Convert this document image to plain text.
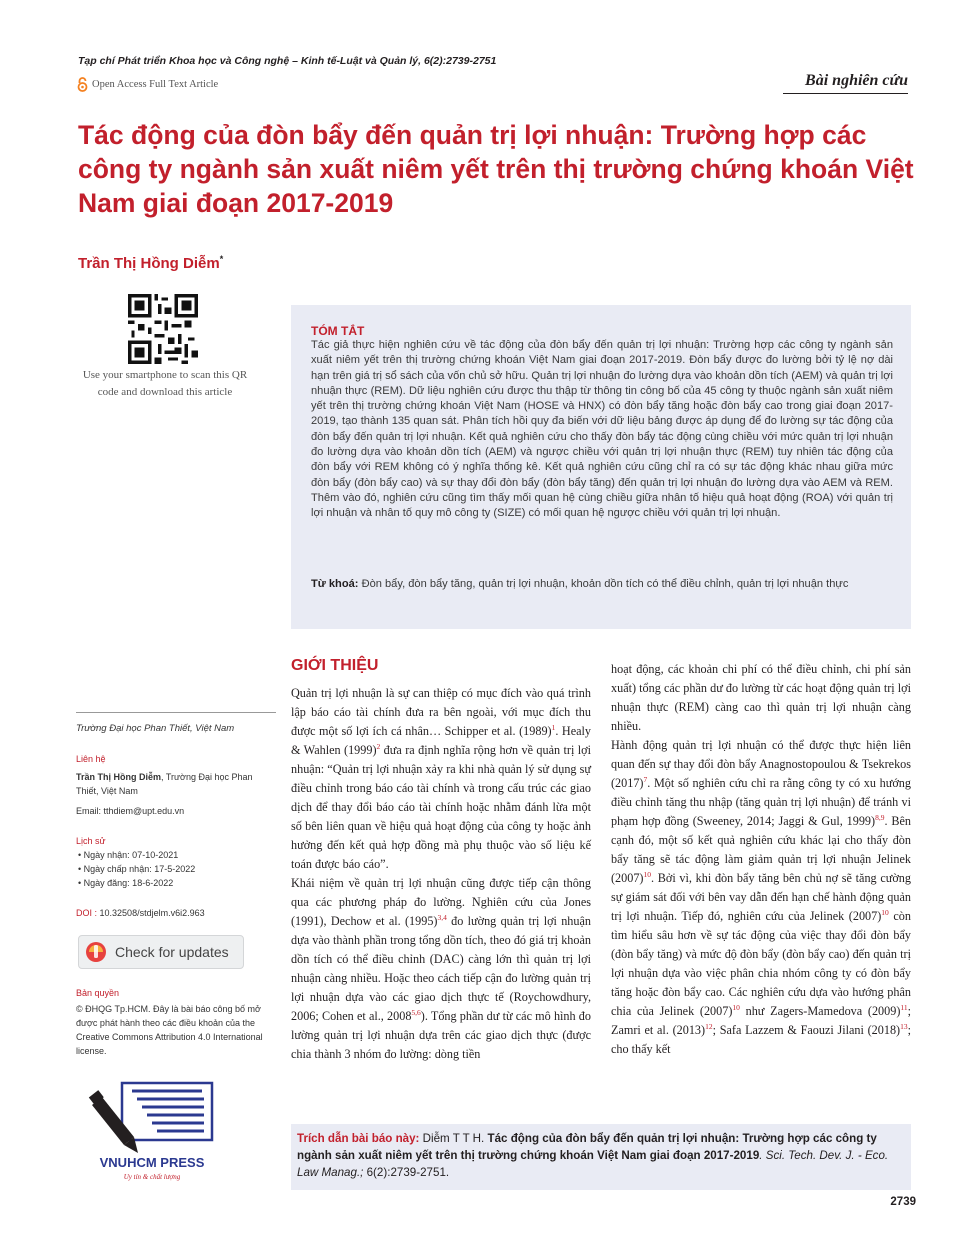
Tạp chí Phát triển Khoa học và Công nghệ – Kinh tế-Luật và Quản lý, 6(2):2739-2751
Open Access Full Text Article	Bài nghiên cứu
Tác động của đòn bẩy đến quản trị lợi nhuận: Trường hợp các công ty ngành sản xuất niêm yết trên thị trường chứng khoán Việt Nam giai đoạn 2017-2019
Trần Thị Hồng Diễm*
Use your smartphone to scan this QR code and download this article
TÓM TẮT
Tác giả thực hiện nghiên cứu về tác động của đòn bẩy đến quản trị lợi nhuận: Trường hợp các công ty ngành sản xuất niêm yết trên thị trường chứng khoán Việt Nam giai đoạn 2017-2019. Đòn bẩy được đo lường bởi tỷ lệ nợ dài hạn trên giá trị sổ sách của vốn chủ sở hữu. Quản trị lợi nhuận đo lường dựa vào khoản dồn tích (AEM) và quản trị lợi nhuận thực (REM). Dữ liệu nghiên cứu được thu thập từ thông tin công bố của 45 công ty thuộc ngành sản xuất niêm yết trên thị trường chứng khoán Việt Nam (HOSE và HNX) có đòn bẩy tăng hoặc đòn bẩy cao trong giai đoạn 2017-2019, tạo thành 135 quan sát. Phân tích hồi quy đa biến với dữ liệu bảng được áp dụng để đo lường sự tác động của đòn bẩy đến quản trị lợi nhuận. Kết quả nghiên cứu cho thấy đòn bẩy tác động cùng chiều với mức quản trị lợi nhuận đo lường dựa vào khoản dồn tích (AEM) và ngược chiều với quản trị lợi nhuận thực (REM) tuy nhiên tác động của đòn bẩy với REM không có ý nghĩa thống kê. Kết quả nghiên cứu cũng chỉ ra có sự tác động khác nhau giữa mức đòn bẩy (đòn bẩy cao) và sự thay đổi đòn bẩy (đòn bẩy tăng) đến quản trị lợi nhuận đo lường dựa vào AEM và REM. Thêm vào đó, nghiên cứu cũng tìm thấy mối quan hệ cùng chiều giữa nhân tố hiệu quả hoạt động (ROA) với quản trị lợi nhuận và nhân tố quy mô công ty (SIZE) có mối quan hệ ngược chiều với quản trị lợi nhuận.
Từ khoá: Đòn bẩy, đòn bẩy tăng, quản trị lợi nhuận, khoản dồn tích có thể điều chỉnh, quản trị lợi nhuận thực
Trường Đại học Phan Thiết, Việt Nam
Liên hệ
Trần Thị Hồng Diễm, Trường Đại học Phan Thiết, Việt Nam
Email: tthdiem@upt.edu.vn
Lịch sử
• Ngày nhận: 07-10-2021
• Ngày chấp nhận: 17-5-2022
• Ngày đăng: 18-6-2022
DOI : 10.32508/stdjelm.v6i2.963
Check for updates
Bản quyền
© ĐHQG Tp.HCM. Đây là bài báo công bố mở được phát hành theo các điều khoản của the Creative Commons Attribution 4.0 International license.
VNUHCM PRESS
Uy tín & chất lượng
GIỚI THIỆU

Quản trị lợi nhuận là sự can thiệp có mục đích vào quá trình lập báo cáo tài chính đưa ra bên ngoài, với mục đích thu được một số lợi ích cá nhân… Schipper et al. $(1989)^1$. Healy & Wahlen $(1999)^2$ đưa ra định nghĩa rộng hơn về quản trị lợi nhuận: “Quản trị lợi nhuận xảy ra khi nhà quản lý sử dụng sự điều chỉnh trong báo cáo tài chính và trong cấu trúc các giao dịch để thay đổi báo cáo tài chính hoặc nhằm đánh lừa một số bên liên quan về hiệu quả hoạt động của công ty hoặc ảnh hưởng đến kết quả hợp đồng mà phụ thuộc vào số liệu kế toán được báo cáo”.

Khái niệm về quản trị lợi nhuận cũng được tiếp cận thông qua các phương pháp đo lường. Nghiên cứu của Jones (1991), Dechow et al. $(1995)^{3,4}$ đo lường quản trị lợi nhuận dựa vào thành phần trong tổng dồn tích, theo đó giá trị khoản dồn tích có thể điều chỉnh (DAC) càng lớn thì quản trị lợi nhuận càng nhiều. Hoặc theo cách tiếp cận đo lường quản trị lợi nhuận dựa vào các giao dịch thực tế (Roychowdhury, 2006; Cohen et al., 2008$^{5,6}$). Tổng phần dư từ các mô hình đo lường quản trị lợi nhuận dựa trên các giao dịch thực (được chia thành 3 nhóm đo lường: dòng tiền

hoạt động, các khoản chi phí có thể điều chỉnh, chi phí sản xuất) tổng các phần dư đo lường từ các hoạt động quản trị lợi nhuận thực (REM) càng cao thì quản trị lợi nhuận càng nhiều.

Hành động quản trị lợi nhuận có thể được thực hiện liên quan đến sự thay đổi đòn bẩy Anagnostopoulou & Tsekrekos $(2017)^7$. Một số nghiên cứu chỉ ra rằng công ty có xu hướng điều chỉnh tăng thu nhập (tăng quản trị lợi nhuận) để tránh vi phạm hợp đồng (Sweeney, 2014; Jaggi & Gul, 1999)$^{8,9}$. Bên cạnh đó, một số kết quả nghiên cứu khác lại cho thấy đòn bẩy tăng sẽ tác động làm giảm quản trị lợi nhuận Jelinek $(2007)^{10}$. Bởi vì, khi đòn bẩy tăng bên chủ nợ sẽ tăng cường sự giám sát đối với bên vay dẫn đến hạn chế hành động quản trị lợi nhuận. Tiếp đó, nghiên cứu của Jelinek $(2007)^{10}$ còn tìm hiểu sâu hơn về sự tác động của việc thay đổi đòn bẩy (đòn bẩy tăng) và mức độ đòn bẩy (đòn bẩy cao) đến quản trị lợi nhuận dựa vào việc phân chia nhóm công ty có đòn bẩy tăng hoặc đòn bẩy cao. Các nghiên cứu dựa vào hướng phân chia của Jelinek $(2007)^{10}$ như Zagers-Mamedova $(2009)^{11}$; Zamri et al. $(2013)^{12}$; Safa Lazzem & Faouzi Jilani $(2018)^{13}$; cho thấy kết

Trích dẫn bài báo này: Diễm T T H. Tác động của đòn bẩy đến quản trị lợi nhuận: Trường hợp các công ty ngành sản xuất niêm yết trên thị trường chứng khoán Việt Nam giai đoạn 2017-2019. Sci. Tech. Dev. J. - Eco. Law Manag.; 6(2):2739-2751.
2739
